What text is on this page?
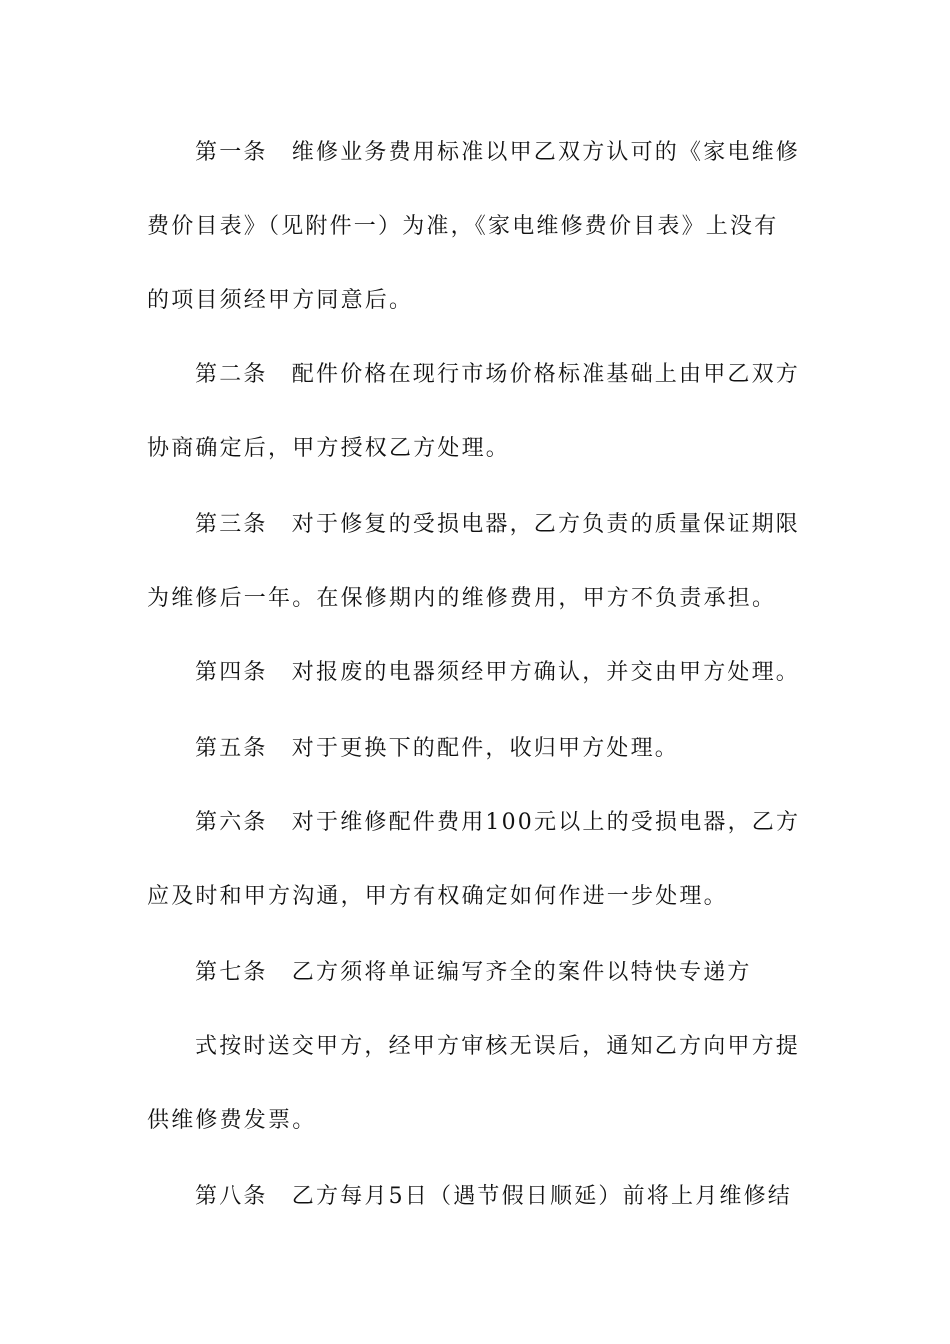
第一条　维修业务费用标准以甲乙双方认可的《家电维修
费价目表》（见附件一）为准，《家电维修费价目表》上没有
的项目须经甲方同意后。
第二条　配件价格在现行市场价格标准基础上由甲乙双方
协商确定后，甲方授权乙方处理。
第三条　对于修复的受损电器，乙方负责的质量保证期限
为维修后一年。在保修期内的维修费用，甲方不负责承担。
第四条　对报废的电器须经甲方确认，并交由甲方处理。
第五条　对于更换下的配件，收归甲方处理。
第六条　对于维修配件费用100元以上的受损电器，乙方
应及时和甲方沟通，甲方有权确定如何作进一步处理。
第七条　乙方须将单证编写齐全的案件以特快专递方
式按时送交甲方，经甲方审核无误后，通知乙方向甲方提
供维修费发票。
第八条　乙方每月5日（遇节假日顺延）前将上月维修结
